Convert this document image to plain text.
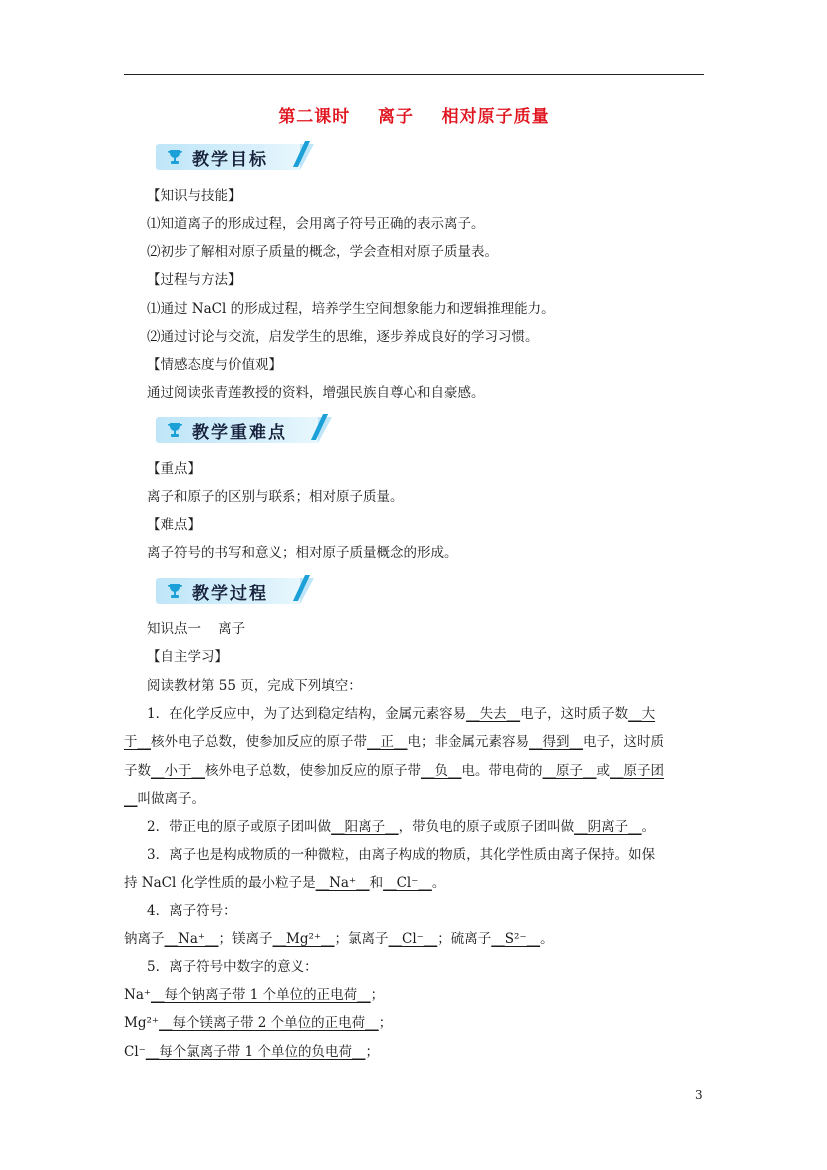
第二课时    离子    相对原子质量
教学目标
【知识与技能】
⑴知道离子的形成过程，会用离子符号正确的表示离子。
⑵初步了解相对原子质量的概念，学会查相对原子质量表。
【过程与方法】
⑴通过 NaCl 的形成过程，培养学生空间想象能力和逻辑推理能力。
⑵通过讨论与交流，启发学生的思维，逐步养成良好的学习习惯。
【情感态度与价值观】
通过阅读张青莲教授的资料，增强民族自尊心和自豪感。
教学重难点
【重点】
离子和原子的区别与联系；相对原子质量。
【难点】
离子符号的书写和意义；相对原子质量概念的形成。
教学过程
知识点一    离子
【自主学习】
阅读教材第 55 页，完成下列填空：
1．在化学反应中，为了达到稳定结构，金属元素容易__失去__电子，这时质子数__大
于__核外电子总数，使参加反应的原子带__正__电；非金属元素容易__得到__电子，这时质
子数__小于__核外电子总数，使参加反应的原子带__负__电。带电荷的__原子__或__原子团
__叫做离子。
2．带正电的原子或原子团叫做__阳离子__，带负电的原子或原子团叫做__阴离子__。
3．离子也是构成物质的一种微粒，由离子构成的物质，其化学性质由离子保持。如保
持 NaCl 化学性质的最小粒子是__Na⁺__和__Cl⁻__。
4．离子符号：
钠离子__Na⁺__；镁离子__Mg²⁺__；氯离子__Cl⁻__；硫离子__S²⁻__。
5．离子符号中数字的意义：
Na⁺__每个钠离子带 1 个单位的正电荷__；
Mg²⁺__每个镁离子带 2 个单位的正电荷__；
Cl⁻__每个氯离子带 1 个单位的负电荷__；
3
